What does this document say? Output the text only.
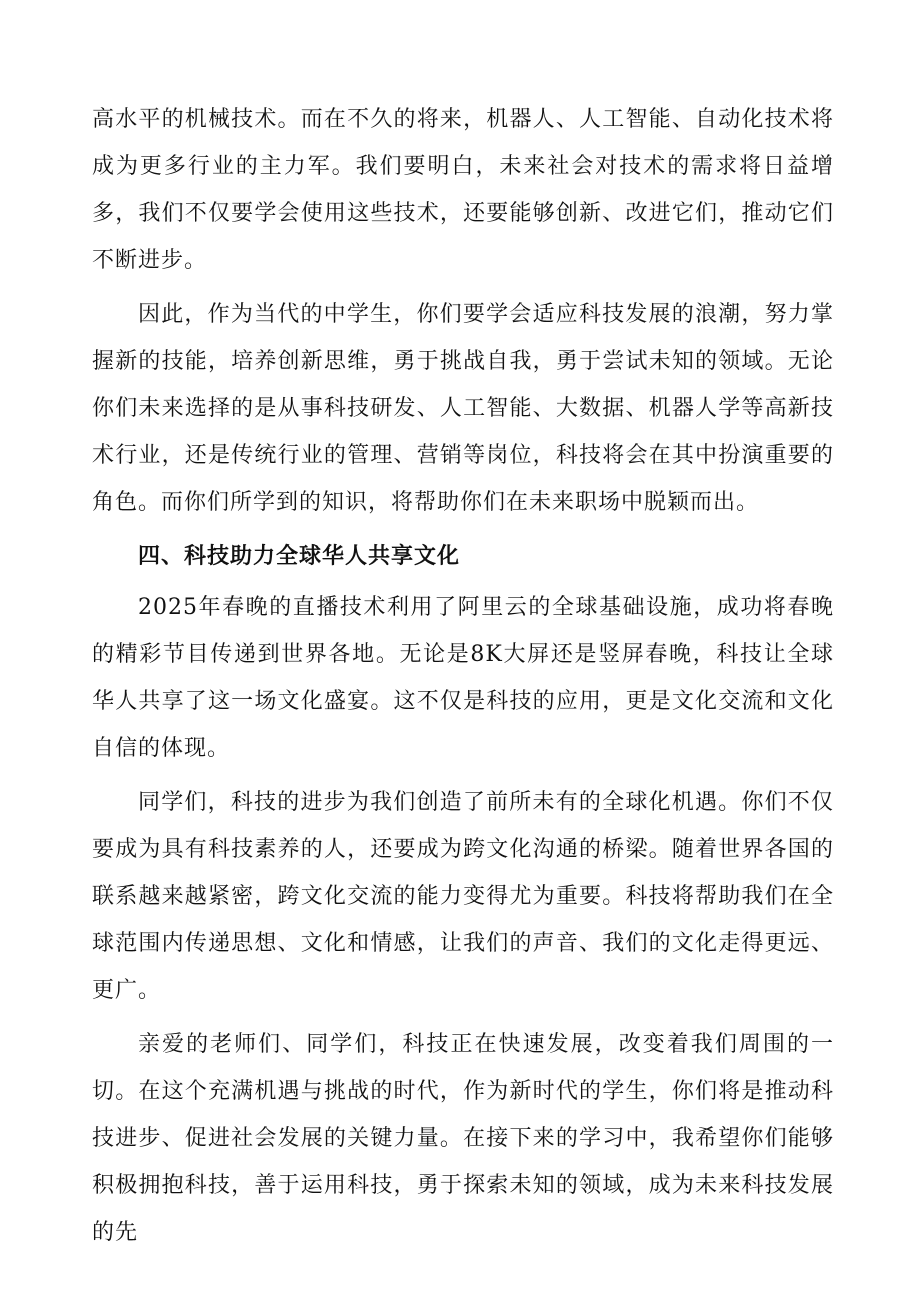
高水平的机械技术。而在不久的将来，机器人、人工智能、自动化技术将成为更多行业的主力军。我们要明白，未来社会对技术的需求将日益增多，我们不仅要学会使用这些技术，还要能够创新、改进它们，推动它们不断进步。

因此，作为当代的中学生，你们要学会适应科技发展的浪潮，努力掌握新的技能，培养创新思维，勇于挑战自我，勇于尝试未知的领域。无论你们未来选择的是从事科技研发、人工智能、大数据、机器人学等高新技术行业，还是传统行业的管理、营销等岗位，科技将会在其中扮演重要的角色。而你们所学到的知识，将帮助你们在未来职场中脱颖而出。

四、科技助力全球华人共享文化

2025年春晚的直播技术利用了阿里云的全球基础设施，成功将春晚的精彩节目传递到世界各地。无论是8K大屏还是竖屏春晚，科技让全球华人共享了这一场文化盛宴。这不仅是科技的应用，更是文化交流和文化自信的体现。

同学们，科技的进步为我们创造了前所未有的全球化机遇。你们不仅要成为具有科技素养的人，还要成为跨文化沟通的桥梁。随着世界各国的联系越来越紧密，跨文化交流的能力变得尤为重要。科技将帮助我们在全球范围内传递思想、文化和情感，让我们的声音、我们的文化走得更远、更广。

亲爱的老师们、同学们，科技正在快速发展，改变着我们周围的一切。在这个充满机遇与挑战的时代，作为新时代的学生，你们将是推动科技进步、促进社会发展的关键力量。在接下来的学习中，我希望你们能够积极拥抱科技，善于运用科技，勇于探索未知的领域，成为未来科技发展的先
